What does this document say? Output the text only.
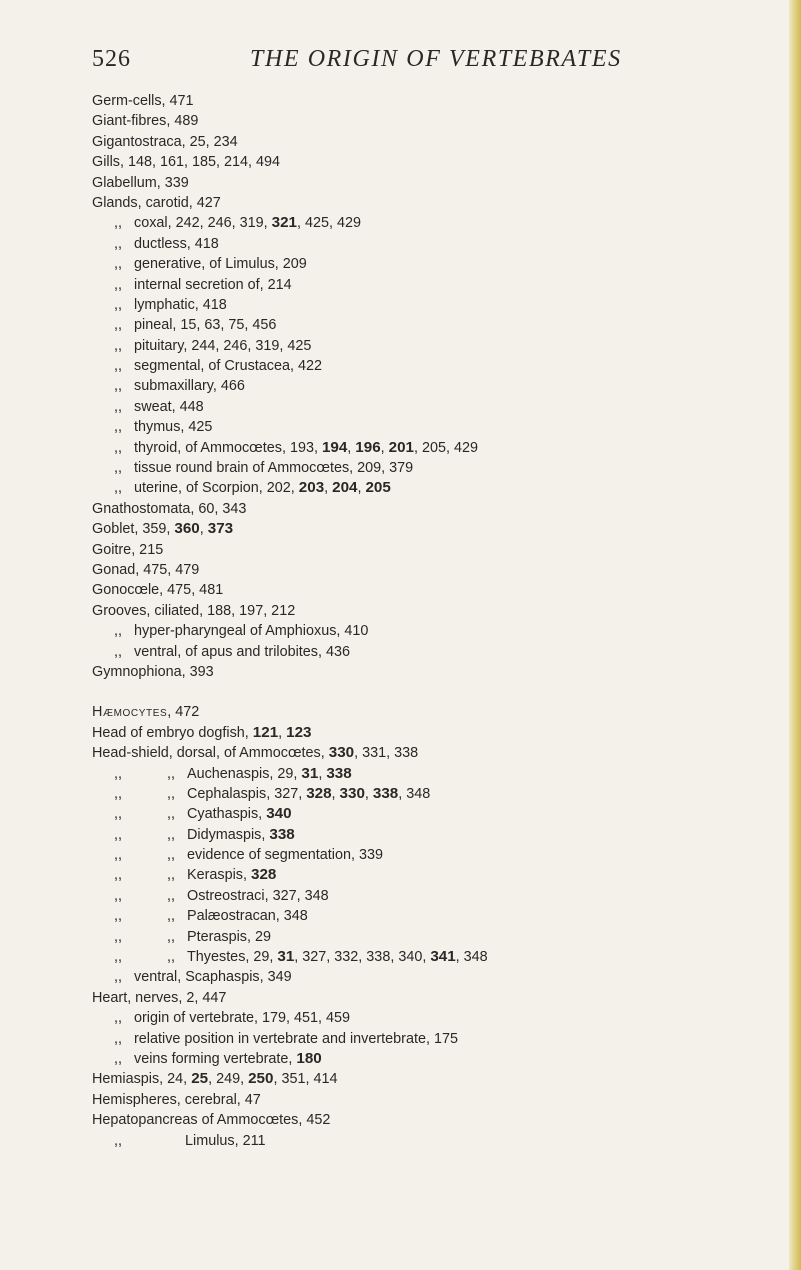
526	THE ORIGIN OF VERTEBRATES
Germ-cells, 471
Giant-fibres, 489
Gigantostraca, 25, 234
Gills, 148, 161, 185, 214, 494
Glabellum, 339
Glands, carotid, 427
,, coxal, 242, 246, 319, 321, 425, 429
,, ductless, 418
,, generative, of Limulus, 209
,, internal secretion of, 214
,, lymphatic, 418
,, pineal, 15, 63, 75, 456
,, pituitary, 244, 246, 319, 425
,, segmental, of Crustacea, 422
,, submaxillary, 466
,, sweat, 448
,, thymus, 425
,, thyroid, of Ammocœtes, 193, 194, 196, 201, 205, 429
,, tissue round brain of Ammocœtes, 209, 379
,, uterine, of Scorpion, 202, 203, 204, 205
Gnathostomata, 60, 343
Goblet, 359, 360, 373
Goitre, 215
Gonad, 475, 479
Gonocœle, 475, 481
Grooves, ciliated, 188, 197, 212
,, hyper-pharyngeal of Amphioxus, 410
,, ventral, of apus and trilobites, 436
Gymnophiona, 393
Hæmocytes, 472
Head of embryo dogfish, 121, 123
Head-shield, dorsal, of Ammocœtes, 330, 331, 338
,,	,, Auchenaspis, 29, 31, 338
,,	,, Cephalaspis, 327, 328, 330, 338, 348
,,	,, Cyathaspis, 340
,,	,, Didymaspis, 338
,,	,, evidence of segmentation, 339
,,	,, Keraspis, 328
,,	,, Ostreostraci, 327, 348
,,	,, Palæostracan, 348
,,	,, Pteraspis, 29
,,	,, Thyestes, 29, 31, 327, 332, 338, 340, 341, 348
,, ventral, Scaphaspis, 349
Heart, nerves, 2, 447
,, origin of vertebrate, 179, 451, 459
,, relative position in vertebrate and invertebrate, 175
,, veins forming vertebrate, 180
Hemiaspis, 24, 25, 249, 250, 351, 414
Hemispheres, cerebral, 47
Hepatopancreas of Ammocœtes, 452
,,	Limulus, 211
